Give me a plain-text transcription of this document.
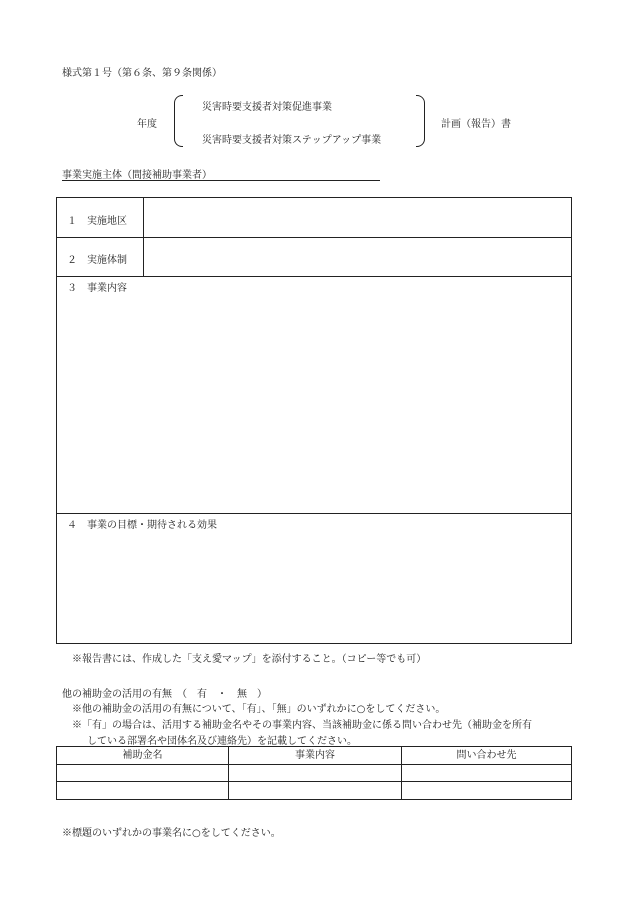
様式第１号（第６条、第９条関係）
年度
災害時要支援者対策促進事業
災害時要支援者対策ステップアップ事業
計画（報告）書
事業実施主体（間接補助事業者）
１　実施地区
２　実施体制
３　事業内容
４　事業の目標・期待される効果
※報告書には、作成した「支え愛マップ」を添付すること。（コピー等でも可）
他の補助金の活用の有無　（　有　・　無　）
※他の補助金の活用の有無について、「有」、「無」のいずれかに○をしてください。
※「有」の場合は、活用する補助金名やその事業内容、当該補助金に係る問い合わせ先（補助金を所有
している部署名や団体名及び連絡先）を記載してください。
補助金名	事業内容	問い合わせ先
※標題のいずれかの事業名に○をしてください。
